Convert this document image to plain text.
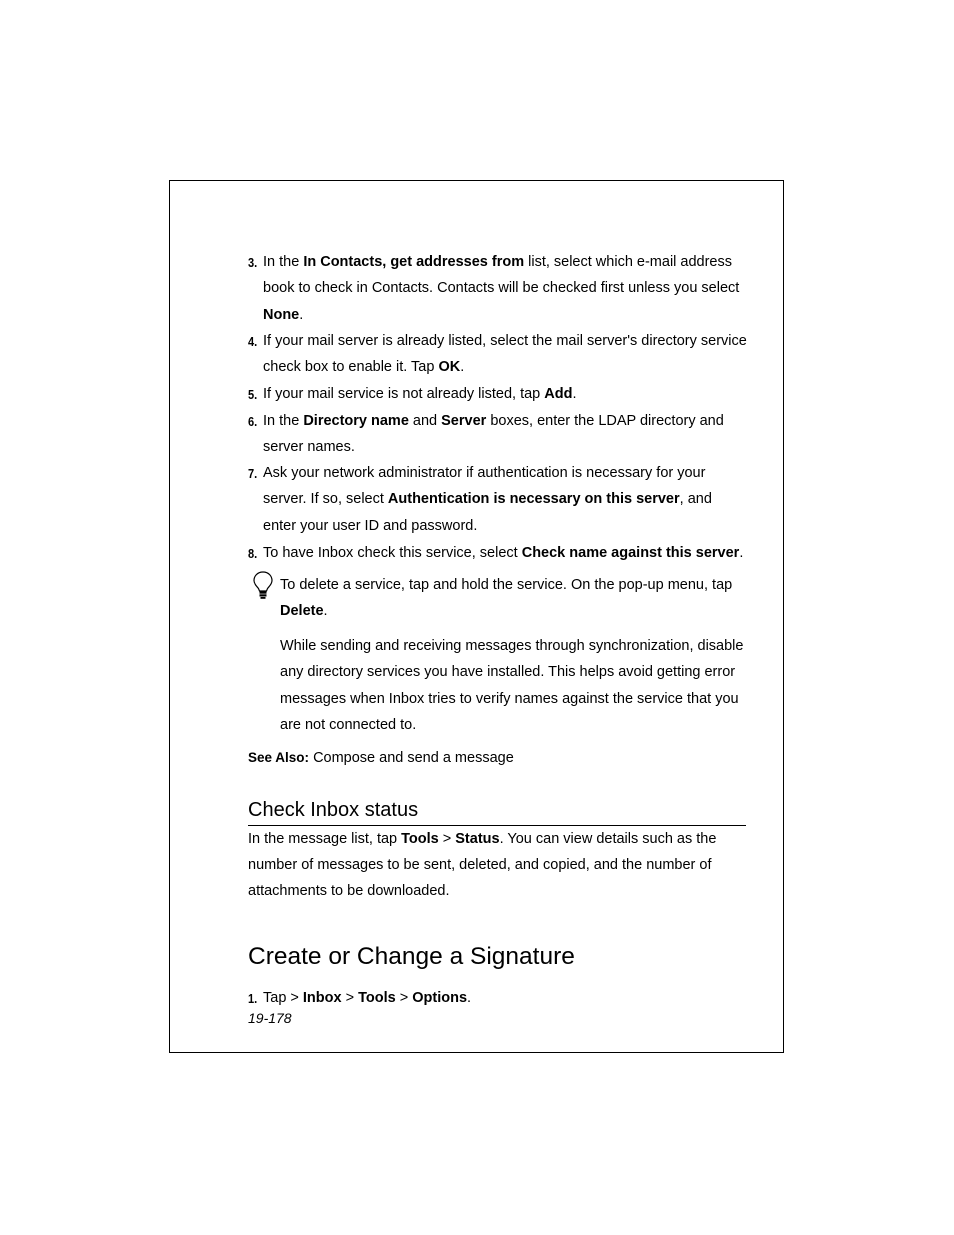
3. In the In Contacts, get addresses from list, select which e-mail address book to check in Contacts. Contacts will be checked first unless you select None.
4. If your mail server is already listed, select the mail server's directory service check box to enable it. Tap OK.
5. If your mail service is not already listed, tap Add.
6. In the Directory name and Server boxes, enter the LDAP directory and server names.
7. Ask your network administrator if authentication is necessary for your server. If so, select Authentication is necessary on this server, and enter your user ID and password.
8. To have Inbox check this service, select Check name against this server.
To delete a service, tap and hold the service. On the pop-up menu, tap Delete.
While sending and receiving messages through synchronization, disable any directory services you have installed. This helps avoid getting error messages when Inbox tries to verify names against the service that you are not connected to.
See Also: Compose and send a message
Check Inbox status
In the message list, tap Tools > Status. You can view details such as the number of messages to be sent, deleted, and copied, and the number of attachments to be downloaded.
Create or Change a Signature
1. Tap > Inbox > Tools > Options.
19-178
